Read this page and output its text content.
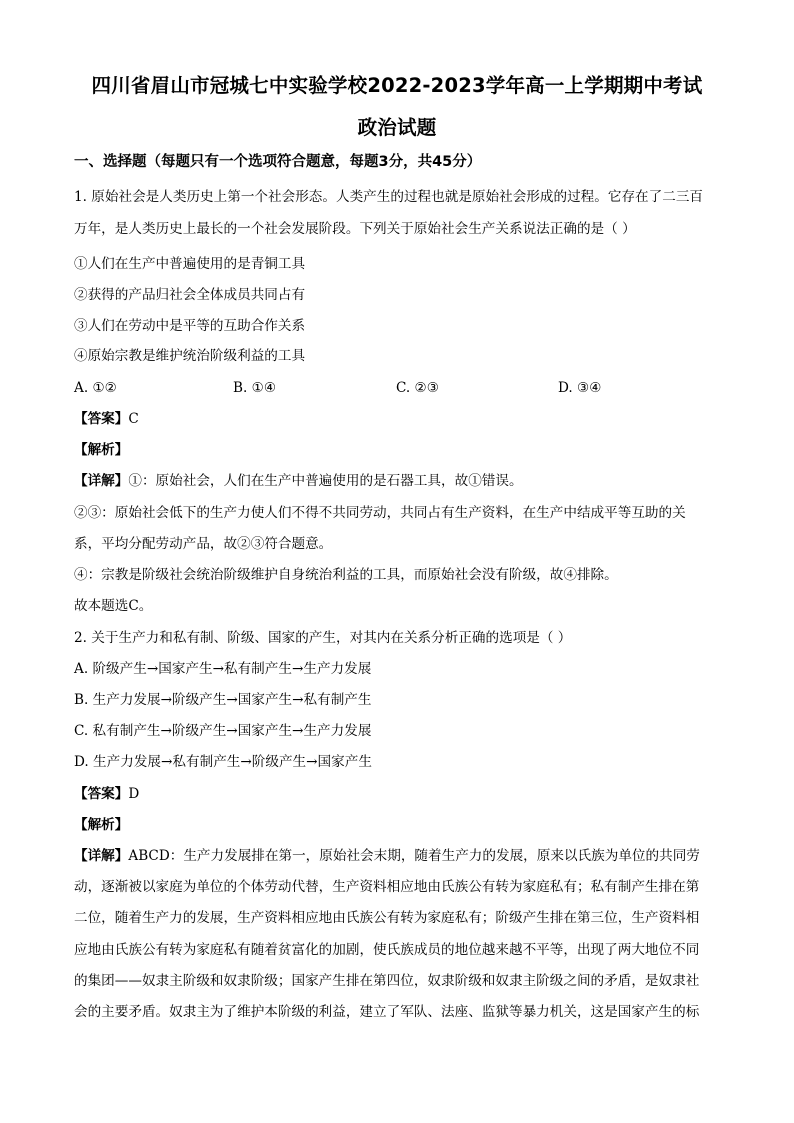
四川省眉山市冠城七中实验学校2022-2023学年高一上学期期中考试
政治试题
一、选择题（每题只有一个选项符合题意，每题3分，共45分）
1. 原始社会是人类历史上第一个社会形态。人类产生的过程也就是原始社会形成的过程。它存在了二三百
万年，是人类历史上最长的一个社会发展阶段。下列关于原始社会生产关系说法正确的是（ ）
①人们在生产中普遍使用的是青铜工具
②获得的产品归社会全体成员共同占有
③人们在劳动中是平等的互助合作关系
④原始宗教是维护统治阶级利益的工具
A. ①②	B. ①④	C. ②③	D. ③④
【答案】C
【解析】
【详解】①：原始社会，人们在生产中普遍使用的是石器工具，故①错误。
②③：原始社会低下的生产力使人们不得不共同劳动，共同占有生产资料，在生产中结成平等互助的关
系，平均分配劳动产品，故②③符合题意。
④：宗教是阶级社会统治阶级维护自身统治利益的工具，而原始社会没有阶级，故④排除。
故本题选C。
2. 关于生产力和私有制、阶级、国家的产生，对其内在关系分析正确的选项是（ ）
A. 阶级产生→国家产生→私有制产生→生产力发展
B. 生产力发展→阶级产生→国家产生→私有制产生
C. 私有制产生→阶级产生→国家产生→生产力发展
D. 生产力发展→私有制产生→阶级产生→国家产生
【答案】D
【解析】
【详解】ABCD：生产力发展排在第一，原始社会末期，随着生产力的发展，原来以氏族为单位的共同劳
动，逐渐被以家庭为单位的个体劳动代替，生产资料相应地由氏族公有转为家庭私有；私有制产生排在第
二位，随着生产力的发展，生产资料相应地由氏族公有转为家庭私有；阶级产生排在第三位，生产资料相
应地由氏族公有转为家庭私有随着贫富化的加剧，使氏族成员的地位越来越不平等，出现了两大地位不同
的集团——奴隶主阶级和奴隶阶级；国家产生排在第四位，奴隶阶级和奴隶主阶级之间的矛盾，是奴隶社
会的主要矛盾。奴隶主为了维护本阶级的利益，建立了军队、法座、监狱等暴力机关，这是国家产生的标
